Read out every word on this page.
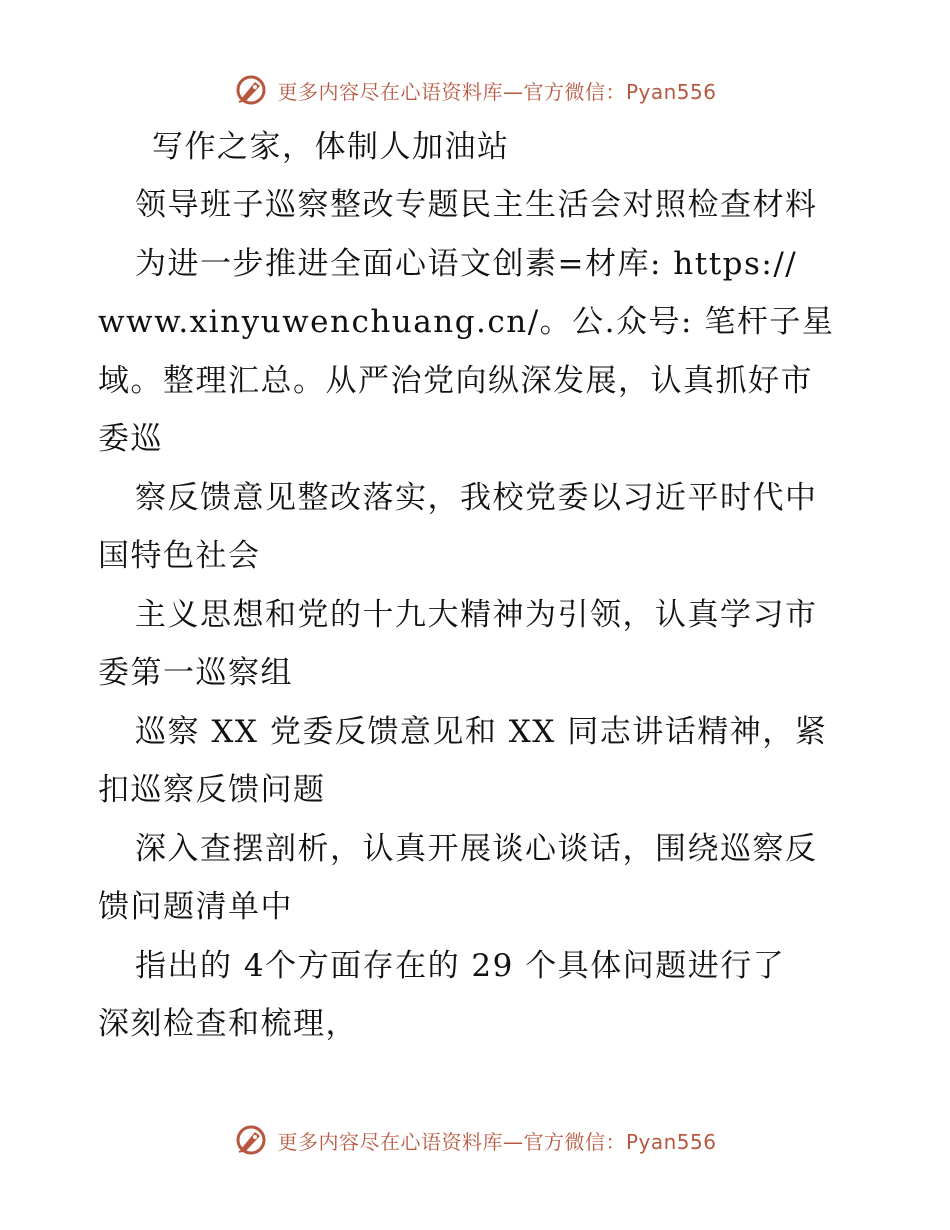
更多内容尽在心语资料库—官方微信：Pyan556
写作之家，体制人加油站
领导班子巡察整改专题民主生活会对照检查材料
为进一步推进全面心语文创素=材库: https://
www.xinyuwenchuang.cn/。公.众号: 笔杆子星
域。整理汇总。从严治党向纵深发展，认真抓好市
委巡
察反馈意见整改落实，我校党委以习近平时代中
国特色社会
主义思想和党的十九大精神为引领，认真学习市
委第一巡察组
巡察 XX 党委反馈意见和 XX 同志讲话精神，紧
扣巡察反馈问题
深入查摆剖析，认真开展谈心谈话，围绕巡察反
馈问题清单中
指出的 4个方面存在的 29 个具体问题进行了
深刻检查和梳理，
更多内容尽在心语资料库—官方微信：Pyan556
